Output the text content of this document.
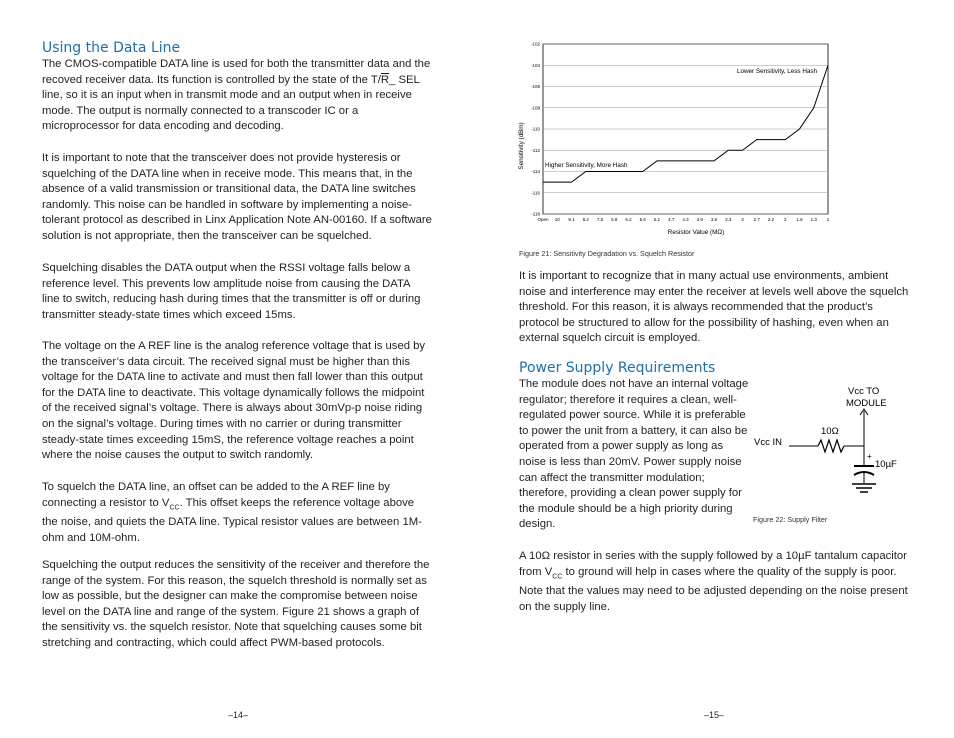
Using the Data Line

The CMOS-compatible DATA line is used for both the transmitter data and the recoved receiver data. Its function is controlled by the state of the $T/\overline{R}\_$ SEL line, so it is an input when in transmit mode and an output when in receive mode. The output is normally connected to a transcoder IC or a microprocessor for data encoding and decoding.

It is important to note that the transceiver does not provide hysteresis or squelching of the DATA line when in receive mode. This means that, in the absence of a valid transmission or transitional data, the DATA line switches randomly. This noise can be handled in software by implementing a noise-tolerant protocol as described in Linx Application Note AN-00160. If a software solution is not appropriate, then the transceiver can be squelched.

Squelching disables the DATA output when the RSSI voltage falls below a reference level. This prevents low amplitude noise from causing the DATA line to switch, reducing hash during times that the transmitter is off or during transmitter steady-state times which exceed 15ms.

The voltage on the A REF line is the analog reference voltage that is used by the transceiver’s data circuit. The received signal must be higher than this voltage for the DATA line to activate and must then fall lower than this output for the DATA line to deactivate. This voltage dynamically follows the midpoint of the received signal’s voltage. There is always about 30mVp-p noise riding on the signal’s voltage. During times with no carrier or during transmitter steady-state times exceeding 15mS, the reference voltage reaches a point where the noise causes the output to switch randomly.

To squelch the DATA line, an offset can be added to the A REF line by connecting a resistor to $V_{CC}$. This offset keeps the reference voltage above the noise, and quiets the DATA line. Typical resistor values are between 1M-ohm and 10M-ohm.

Squelching the output reduces the sensitivity of the receiver and therefore the range of the system. For this reason, the squelch threshold is normally set as low as possible, but the designer can make the compromise between noise level on the DATA line and range of the system. Figure 21 shows a graph of the sensitivity vs. the squelch resistor. Note that squelching causes some bit stretching and contracting, which could affect PWM-based protocols.

–14–
-102
-104
-106
-108
-110
-112
-114
-116
-118
Open 10 9.1 8.2 7.5 6.8 6.2 5.6 5.1 4.7 4.3 3.9 3.6 3.3 3 2.7 2.2 2 1.6 1.3 1
Resistor Value (MΩ)
Sensitivity (dBm)
Lower Sensitivity, Less Hash
Higher Sensitivity, More Hash
Figure 21: Sensitivity Degradation vs. Squelch Resistor

It is important to recognize that in many actual use environments, ambient noise and interference may enter the receiver at levels well above the squelch threshold. For this reason, it is always recommended that the product’s protocol be structured to allow for the possibility of hashing, even when an external squelch circuit is employed.

Power Supply Requirements

The module does not have an internal voltage regulator; therefore it requires a clean, well-regulated power source. While it is preferable to power the unit from a battery, it can also be operated from a power supply as long as noise is less than 20mV. Power supply noise can affect the transmitter modulation; therefore, providing a clean power supply for the module should be a high priority during design.

Vcc TO
MODULE
Vcc IN
10Ω
+
10µF
Figure 22: Supply Filter

A 10Ω resistor in series with the supply followed by a 10µF tantalum capacitor from $V_{CC}$ to ground will help in cases where the quality of the supply is poor. Note that the values may need to be adjusted depending on the noise present on the supply line.

–15–
